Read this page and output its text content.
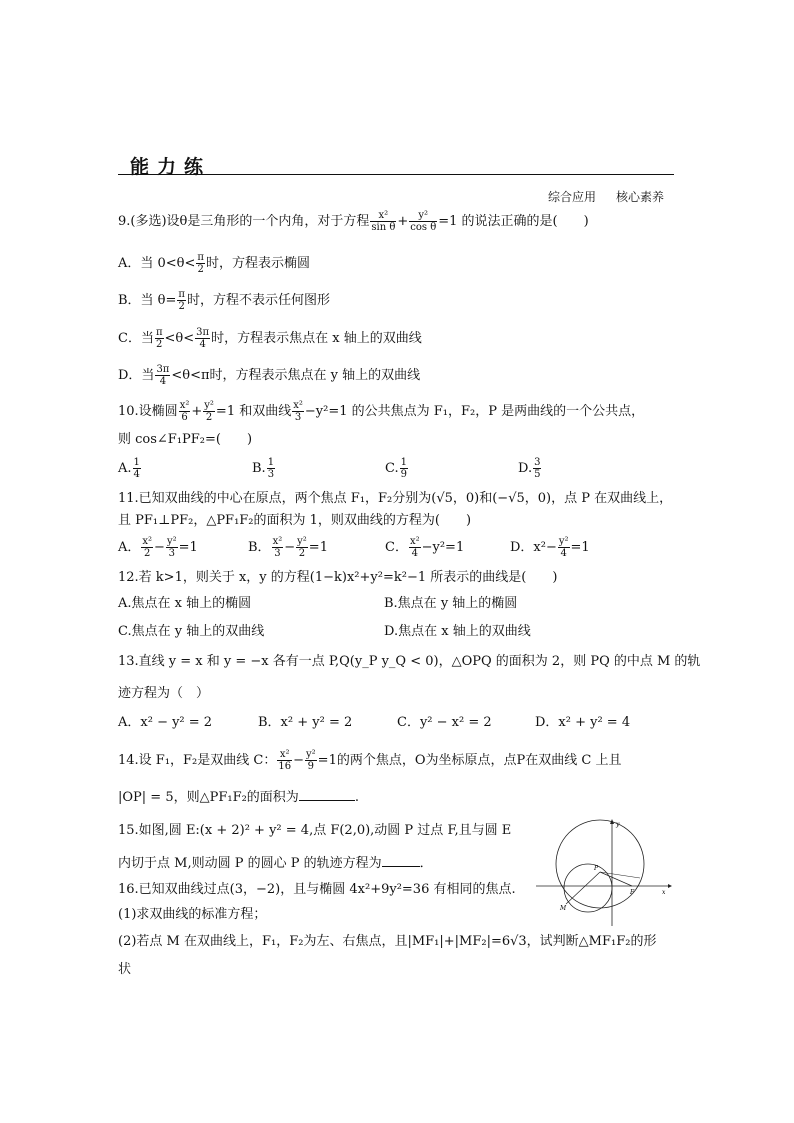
能力练
综合应用 核心素养
9.(多选)设θ是三角形的一个内角，对于方程 $\frac{\text{x²}}{\text{sin θ}} + \frac{\text{y²}}{\text{cos θ}} =1$ 的说法正确的是(　　)
A．当 $0<\theta< \frac{\pi}{2}$ 时，方程表示椭圆
B．当 $\theta= \frac{\pi}{2}$ 时，方程不表示任何图形
C．当 $\frac{\pi}{2} <\theta< \frac{3\pi}{4}$ 时，方程表示焦点在 x 轴上的双曲线
D．当 $\frac{3\pi}{4} <\theta<\pi$时，方程表示焦点在 y 轴上的双曲线
10.设椭圆 $\frac{\text{x²}}{6} + \frac{\text{y²}}{2} =1$ 和双曲线 $\frac{\text{x²}}{3} -y^2=1$ 的公共焦点为 F₁，F₂，P 是两曲线的一个公共点，
则 cos∠F₁PF₂=(　　)
A. $\frac{1}{4}$	B. $\frac{1}{3}$	C. $\frac{1}{9}$	D. $\frac{3}{5}$
11.已知双曲线的中心在原点，两个焦点 F₁，F₂分别为(√5，0)和(−√5，0)，点 P 在双曲线上，
且 PF₁⊥PF₂，△PF₁F₂的面积为 1，则双曲线的方程为(　　)
A． $\frac{\text{x²}}{2} - \frac{\text{y²}}{3} =1$	B． $\frac{\text{x²}}{3} - \frac{\text{y²}}{2} =1$	C． $\frac{\text{x²}}{4} -y^2=1$	D．$x^2- \frac{\text{y²}}{4} =1$
12.若 k>1，则关于 x，y 的方程(1−k)x²+y²=k²−1 所表示的曲线是(　　)
A.焦点在 x 轴上的椭圆	B.焦点在 y 轴上的椭圆
C.焦点在 y 轴上的双曲线	D.焦点在 x 轴上的双曲线
13.直线 y = x 和 y = −x 各有一点 P,Q(y_P y_Q < 0)，△OPQ 的面积为 2，则 PQ 的中点 M 的轨
迹方程为（　）
A．x² − y² = 2	B．x² + y² = 2	C．y² − x² = 2	D．x² + y² = 4
14.设 F₁，F₂是双曲线 C： $\frac{\text{x²}}{16} - \frac{\text{y²}}{9} =1$的两个焦点，O为坐标原点，点P在双曲线 C 上且
|OP| = 5，则△PF₁F₂的面积为	.
15.如图,圆 E:(x + 2)² + y² = 4,点 F(2,0),动圆 P 过点 F,且与圆 E
内切于点 M,则动圆 P 的圆心 P 的轨迹方程为	．
y
x
P
F
M
16.已知双曲线过点(3，−2)，且与椭圆 4x²+9y²=36 有相同的焦点.
(1)求双曲线的标准方程；
(2)若点 M 在双曲线上，F₁，F₂为左、右焦点，且|MF₁|+|MF₂|=6√3，试判断△MF₁F₂的形
状
